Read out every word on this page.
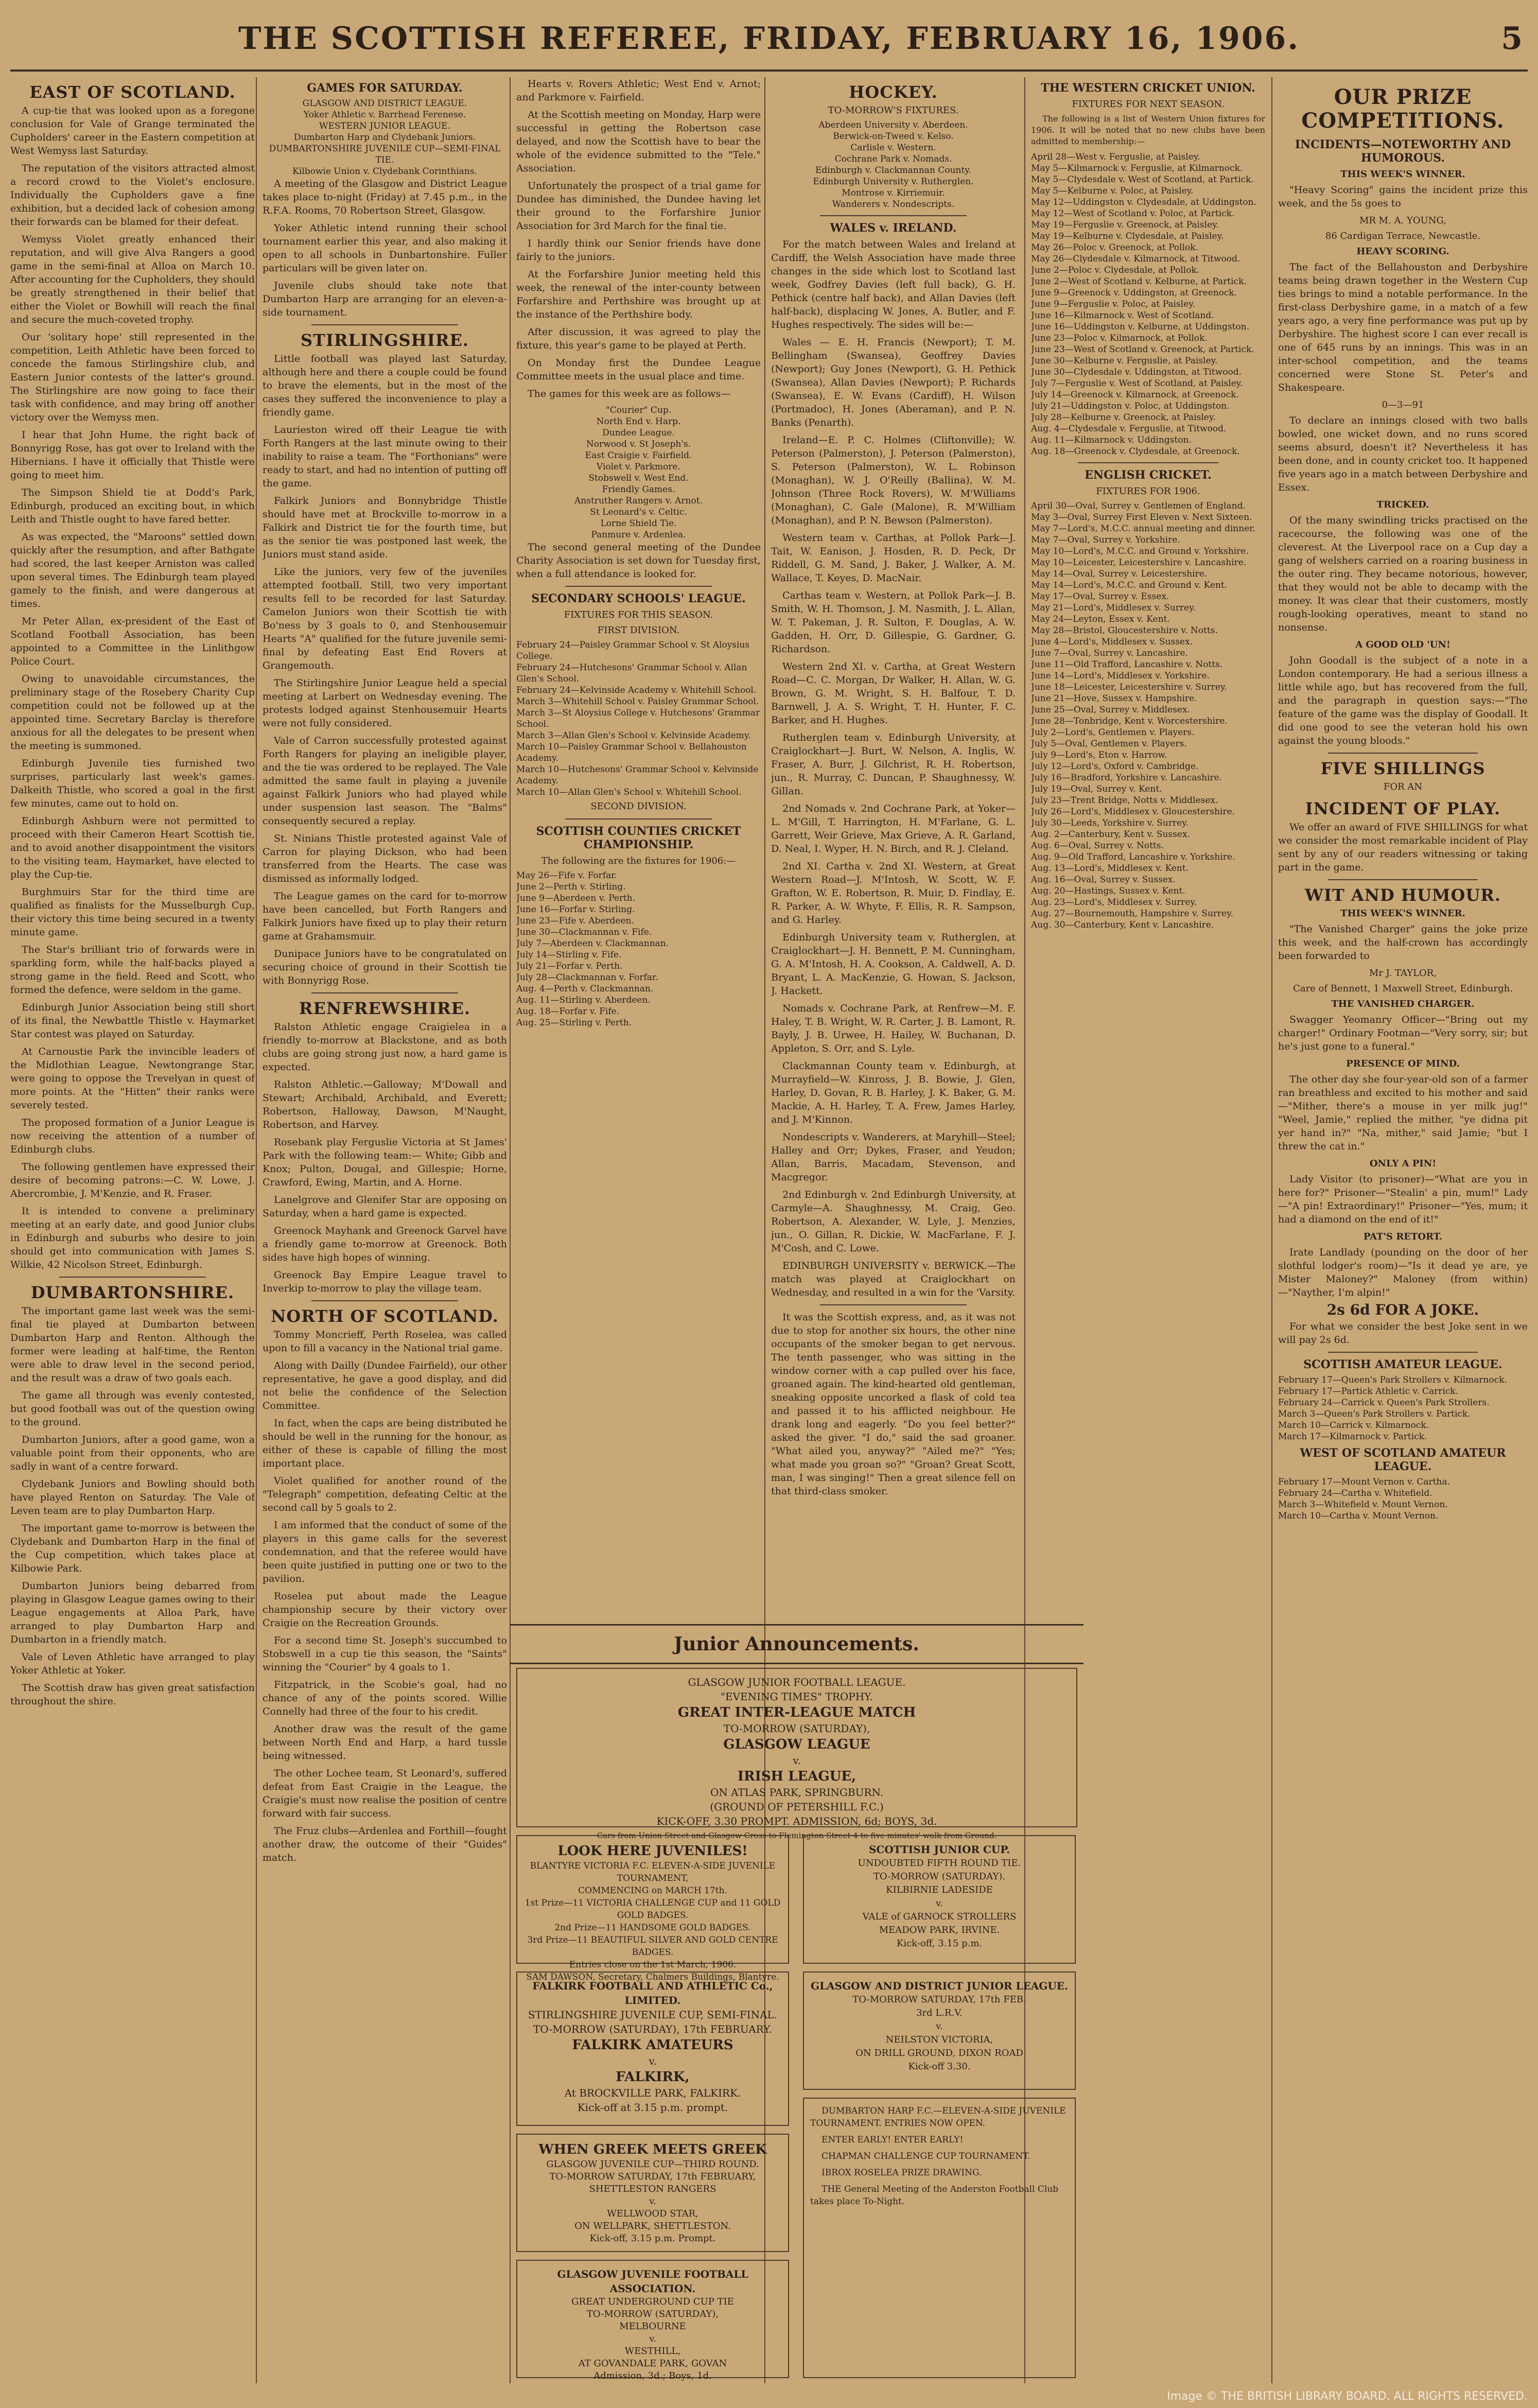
THE SCOTTISH REFEREE, FRIDAY, FEBRUARY 16, 1906.	5
EAST OF SCOTLAND.

A cup-tie that was looked upon as a foregone conclusion for Vale of Grange terminated the Cupholders' career in the Eastern competition at West Wemyss last Saturday.

The reputation of the visitors attracted almost a record crowd to the Violet's enclosure. Individually the Cupholders gave a fine exhibition, but a decided lack of cohesion among their forwards can be blamed for their defeat.

Wemyss Violet greatly enhanced their reputation, and will give Alva Rangers a good game in the semi-final at Alloa on March 10. After accounting for the Cupholders, they should be greatly strengthened in their belief that either the Violet or Bowhill will reach the final and secure the much-coveted trophy.

Our 'solitary hope' still represented in the competition, Leith Athletic have been forced to concede the famous Stirlingshire club, and Eastern Junior contests of the latter's ground. The Stirlingshire are now going to face their task with confidence, and may bring off another victory over the Wemyss men.

I hear that John Hume, the right back of Bonnyrigg Rose, has got over to Ireland with the Hibernians. I have it officially that Thistle were going to meet him.

The Simpson Shield tie at Dodd's Park, Edinburgh, produced an exciting bout, in which Leith and Thistle ought to have fared better.

As was expected, the "Maroons" settled down quickly after the resumption, and after Bathgate had scored, the last keeper Arniston was called upon several times. The Edinburgh team played gamely to the finish, and were dangerous at times.

Mr Peter Allan, ex-president of the East of Scotland Football Association, has been appointed to a Committee in the Linlithgow Police Court.

Owing to unavoidable circumstances, the preliminary stage of the Rosebery Charity Cup competition could not be followed up at the appointed time. Secretary Barclay is therefore anxious for all the delegates to be present when the meeting is summoned.

Edinburgh Juvenile ties furnished two surprises, particularly last week's games. Dalkeith Thistle, who scored a goal in the first few minutes, came out to hold on.

Edinburgh Ashburn were not permitted to proceed with their Cameron Heart Scottish tie, and to avoid another disappointment the visitors to the visiting team, Haymarket, have elected to play the Cup-tie.

Burghmuirs Star for the third time are qualified as finalists for the Musselburgh Cup, their victory this time being secured in a twenty minute game.

The Star's brilliant trio of forwards were in sparkling form, while the half-backs played a strong game in the field. Reed and Scott, who formed the defence, were seldom in the game.

Edinburgh Junior Association being still short of its final, the Newbattle Thistle v. Haymarket Star contest was played on Saturday.

At Carnoustie Park the invincible leaders of the Midlothian League, Newtongrange Star, were going to oppose the Trevelyan in quest of more points. At the "Hitten" their ranks were severely tested.

The proposed formation of a Junior League is now receiving the attention of a number of Edinburgh clubs.

The following gentlemen have expressed their desire of becoming patrons:—C. W. Lowe, J. Abercrombie, J. M'Kenzie, and R. Fraser.

It is intended to convene a preliminary meeting at an early date, and good Junior clubs in Edinburgh and suburbs who desire to join should get into communication with James S. Wilkie, 42 Nicolson Street, Edinburgh.

DUMBARTONSHIRE.

The important game last week was the semi-final tie played at Dumbarton between Dumbarton Harp and Renton. Although the former were leading at half-time, the Renton were able to draw level in the second period, and the result was a draw of two goals each.

The game all through was evenly contested, but good football was out of the question owing to the ground.

Dumbarton Juniors, after a good game, won a valuable point from their opponents, who are sadly in want of a centre forward.

Clydebank Juniors and Bowling should both have played Renton on Saturday. The Vale of Leven team are to play Dumbarton Harp.

The important game to-morrow is between the Clydebank and Dumbarton Harp in the final of the Cup competition, which takes place at Kilbowie Park.

Dumbarton Juniors being debarred from playing in Glasgow League games owing to their League engagements at Alloa Park, have arranged to play Dumbarton Harp and Dumbarton in a friendly match.

Vale of Leven Athletic have arranged to play Yoker Athletic at Yoker.

The Scottish draw has given great satisfaction throughout the shire.

GAMES FOR SATURDAY.
GLASGOW AND DISTRICT LEAGUE.
Yoker Athletic v. Barrhead Ferenese.
WESTERN JUNIOR LEAGUE.
Dumbarton Harp and Clydebank Juniors.
DUMBARTONSHIRE JUVENILE CUP—SEMI-FINAL TIE.
Kilbowie Union v. Clydebank Corinthians.

A meeting of the Glasgow and District League takes place to-night (Friday) at 7.45 p.m., in the R.F.A. Rooms, 70 Robertson Street, Glasgow.

Yoker Athletic intend running their school tournament earlier this year, and also making it open to all schools in Dunbartonshire. Fuller particulars will be given later on.

Juvenile clubs should take note that Dumbarton Harp are arranging for an eleven-a-side tournament.

STIRLINGSHIRE.

Little football was played last Saturday, although here and there a couple could be found to brave the elements, but in the most of the cases they suffered the inconvenience to play a friendly game.

Laurieston wired off their League tie with Forth Rangers at the last minute owing to their inability to raise a team. The "Forthonians" were ready to start, and had no intention of putting off the game.

Falkirk Juniors and Bonnybridge Thistle should have met at Brockville to-morrow in a Falkirk and District tie for the fourth time, but as the senior tie was postponed last week, the Juniors must stand aside.

Like the juniors, very few of the juveniles attempted football. Still, two very important results fell to be recorded for last Saturday. Camelon Juniors won their Scottish tie with Bo'ness by 3 goals to 0, and Stenhousemuir Hearts "A" qualified for the future juvenile semi-final by defeating East End Rovers at Grangemouth.

The Stirlingshire Junior League held a special meeting at Larbert on Wednesday evening. The protests lodged against Stenhousemuir Hearts were not fully considered.

Vale of Carron successfully protested against Forth Rangers for playing an ineligible player, and the tie was ordered to be replayed. The Vale admitted the same fault in playing a juvenile against Falkirk Juniors who had played while under suspension last season. The "Balms" consequently secured a replay.

St. Ninians Thistle protested against Vale of Carron for playing Dickson, who had been transferred from the Hearts. The case was dismissed as informally lodged.

The League games on the card for to-morrow have been cancelled, but Forth Rangers and Falkirk Juniors have fixed up to play their return game at Grahamsmuir.

Dunipace Juniors have to be congratulated on securing choice of ground in their Scottish tie with Bonnyrigg Rose.

RENFREWSHIRE.

Ralston Athletic engage Craigielea in a friendly to-morrow at Blackstone, and as both clubs are going strong just now, a hard game is expected.

Ralston Athletic.—Galloway; M'Dowall and Stewart; Archibald, Archibald, and Everett; Robertson, Halloway, Dawson, M'Naught, Robertson, and Harvey.

Rosebank play Ferguslie Victoria at St James' Park with the following team:— White; Gibb and Knox; Pulton, Dougal, and Gillespie; Horne, Crawford, Ewing, Martin, and A. Horne.

Lanelgrove and Glenifer Star are opposing on Saturday, when a hard game is expected.

Greenock Mayhank and Greenock Garvel have a friendly game to-morrow at Greenock. Both sides have high hopes of winning.

Greenock Bay Empire League travel to Inverkip to-morrow to play the village team.

NORTH OF SCOTLAND.

Tommy Moncrieff, Perth Roselea, was called upon to fill a vacancy in the National trial game.

Along with Dailly (Dundee Fairfield), our other representative, he gave a good display, and did not belie the confidence of the Selection Committee.

In fact, when the caps are being distributed he should be well in the running for the honour, as either of these is capable of filling the most important place.

Violet qualified for another round of the "Telegraph" competition, defeating Celtic at the second call by 5 goals to 2.

I am informed that the conduct of some of the players in this game calls for the severest condemnation, and that the referee would have been quite justified in putting one or two to the pavilion.

Roselea put about made the League championship secure by their victory over Craigie on the Recreation Grounds.

For a second time St. Joseph's succumbed to Stobswell in a cup tie this season, the "Saints" winning the "Courier" by 4 goals to 1.

Fitzpatrick, in the Scobie's goal, had no chance of any of the points scored. Willie Connelly had three of the four to his credit.

Another draw was the result of the game between North End and Harp, a hard tussle being witnessed.

The other Lochee team, St Leonard's, suffered defeat from East Craigie in the League, the Craigie's must now realise the position of centre forward with fair success.

The Fruz clubs—Ardenlea and Forthill—fought another draw, the outcome of their "Guides" match.

Hearts v. Rovers Athletic; West End v. Arnot; and Parkmore v. Fairfield.

At the Scottish meeting on Monday, Harp were successful in getting the Robertson case delayed, and now the Scottish have to bear the whole of the evidence submitted to the "Tele." Association.

Unfortunately the prospect of a trial game for Dundee has diminished, the Dundee having let their ground to the Forfarshire Junior Association for 3rd March for the final tie.

I hardly think our Senior friends have done fairly to the juniors.

At the Forfarshire Junior meeting held this week, the renewal of the inter-county between Forfarshire and Perthshire was brought up at the instance of the Perthshire body.

After discussion, it was agreed to play the fixture, this year's game to be played at Perth.

On Monday first the Dundee League Committee meets in the usual place and time.

The games for this week are as follows—

"Courier" Cup.
North End v. Harp.
Dundee League.
Norwood v. St Joseph's.
East Craigie v. Fairfield.
Violet v. Parkmore.
Stobswell v. West End.
Friendly Games.
Anstruther Rangers v. Arnot.
St Leonard's v. Celtic.
Lorne Shield Tie.
Panmure v. Ardenlea.

The second general meeting of the Dundee Charity Association is set down for Tuesday first, when a full attendance is looked for.

SECONDARY SCHOOLS' LEAGUE.
FIXTURES FOR THIS SEASON.
FIRST DIVISION.
February 24—Paisley Grammar School v. St Aloysius College.
February 24—Hutchesons' Grammar School v. Allan Glen's School.
February 24—Kelvinside Academy v. Whitehill School.
March 3—Whitehill School v. Paisley Grammar School.
March 3—St Aloysius College v. Hutchesons' Grammar School.
March 3—Allan Glen's School v. Kelvinside Academy.
March 10—Paisley Grammar School v. Bellahouston Academy.
March 10—Hutchesons' Grammar School v. Kelvinside Academy.
March 10—Allan Glen's School v. Whitehill School.
SECOND DIVISION.
SCOTTISH COUNTIES CRICKET CHAMPIONSHIP.
The following are the fixtures for 1906:—
May 26—Fife v. Forfar.
June 2—Perth v. Stirling.
June 9—Aberdeen v. Perth.
June 16—Forfar v. Stirling.
June 23—Fife v. Aberdeen.
June 30—Clackmannan v. Fife.
July 7—Aberdeen v. Clackmannan.
July 14—Stirling v. Fife.
July 21—Forfar v. Perth.
July 28—Clackmannan v. Forfar.
Aug. 4—Perth v. Clackmannan.
Aug. 11—Stirling v. Aberdeen.
Aug. 18—Forfar v. Fife.
Aug. 25—Stirling v. Perth.
HOCKEY.
TO-MORROW'S FIXTURES.
Aberdeen University v. Aberdeen.
Berwick-on-Tweed v. Kelso.
Carlisle v. Western.
Cochrane Park v. Nomads.
Edinburgh v. Clackmannan County.
Edinburgh University v. Rutherglen.
Montrose v. Kirriemuir.
Wanderers v. Nondescripts.
WALES v. IRELAND.

For the match between Wales and Ireland at Cardiff, the Welsh Association have made three changes in the side which lost to Scotland last week, Godfrey Davies (left full back), G. H. Pethick (centre half back), and Allan Davies (left half-back), displacing W. Jones, A. Butler, and F. Hughes respectively. The sides will be:—

Wales — E. H. Francis (Newport); T. M. Bellingham (Swansea), Geoffrey Davies (Newport); Guy Jones (Newport), G. H. Pethick (Swansea), Allan Davies (Newport); P. Richards (Swansea), E. W. Evans (Cardiff), H. Wilson (Portmadoc), H. Jones (Aberaman), and P. N. Banks (Penarth).

Ireland—E. P. C. Holmes (Cliftonville); W. Peterson (Palmerston), J. Peterson (Palmerston), S. Peterson (Palmerston), W. L. Robinson (Monaghan), W. J. O'Reilly (Ballina), W. M. Johnson (Three Rock Rovers), W. M'Williams (Monaghan), C. Gale (Malone), R. M'William (Monaghan), and P. N. Bewson (Palmerston).

Western team v. Carthas, at Pollok Park—J. Tait, W. Eanison, J. Hosden, R. D. Peck, Dr Riddell, G. M. Sand, J. Baker, J. Walker, A. M. Wallace, T. Keyes, D. MacNair.

Carthas team v. Western, at Pollok Park—J. B. Smith, W. H. Thomson, J. M. Nasmith, J. L. Allan, W. T. Pakeman, J. R. Sulton, F. Douglas, A. W. Gadden, H. Orr, D. Gillespie, G. Gardner, G. Richardson.

Western 2nd XI. v. Cartha, at Great Western Road—C. C. Morgan, Dr Walker, H. Allan, W. G. Brown, G. M. Wright, S. H. Balfour, T. D. Barnwell, J. A. S. Wright, T. H. Hunter, F. C. Barker, and H. Hughes.

Rutherglen team v. Edinburgh University, at Craiglockhart—J. Burt, W. Nelson, A. Inglis, W. Fraser, A. Burr, J. Gilchrist, R. H. Robertson, jun., R. Murray, C. Duncan, P. Shaughnessy, W. Gillan.

2nd Nomads v. 2nd Cochrane Park, at Yoker—L. M'Gill, T. Harrington, H. M'Farlane, G. L. Garrett, Weir Grieve, Max Grieve, A. R. Garland, D. Neal, I. Wyper, H. N. Birch, and R. J. Cleland.

2nd XI. Cartha v. 2nd XI. Western, at Great Western Road—J. M'Intosh, W. Scott, W. F. Grafton, W. E. Robertson, R. Muir, D. Findlay, E. R. Parker, A. W. Whyte, F. Ellis, R. R. Sampson, and G. Harley.

Edinburgh University team v. Rutherglen, at Craiglockhart—J. H. Bennett, P. M. Cunningham, G. A. M'Intosh, H. A. Cookson, A. Caldwell, A. D. Bryant, L. A. MacKenzie, G. Howan, S. Jackson, J. Hackett.

Nomads v. Cochrane Park, at Renfrew—M. F. Haley, T. B. Wright, W. R. Carter, J. B. Lamont, R. Bayly, J. B. Urwee, H. Hailey, W. Buchanan, D. Appleton, S. Orr, and S. Lyle.

Clackmannan County team v. Edinburgh, at Murrayfield—W. Kinross, J. B. Bowie, J. Glen, Harley, D. Govan, R. B. Harley, J. K. Baker, G. M. Mackie, A. H. Harley, T. A. Frew, James Harley, and J. M'Kinnon.

Nondescripts v. Wanderers, at Maryhill—Steel; Halley and Orr; Dykes, Fraser, and Yeudon; Allan, Barris, Macadam, Stevenson, and Macgregor.

2nd Edinburgh v. 2nd Edinburgh University, at Carmyle—A. Shaughnessy, M. Craig, Geo. Robertson, A. Alexander, W. Lyle, J. Menzies, jun., O. Gillan, R. Dickie, W. MacFarlane, F. J. M'Cosh, and C. Lowe.

EDINBURGH UNIVERSITY v. BERWICK.—The match was played at Craiglockhart on Wednesday, and resulted in a win for the 'Varsity.

It was the Scottish express, and, as it was not due to stop for another six hours, the other nine occupants of the smoker began to get nervous. The tenth passenger, who was sitting in the window corner with a cap pulled over his face, groaned again. The kind-hearted old gentleman, sneaking opposite uncorked a flask of cold tea and passed it to his afflicted neighbour. He drank long and eagerly. "Do you feel better?" asked the giver. "I do," said the sad groaner. "What ailed you, anyway?" "Ailed me?" "Yes; what made you groan so?" "Groan? Great Scott, man, I was singing!" Then a great silence fell on that third-class smoker.

Junior Announcements.
GLASGOW JUNIOR FOOTBALL LEAGUE.
"EVENING TIMES" TROPHY.
GREAT INTER-LEAGUE MATCH
TO-MORROW (SATURDAY),
GLASGOW LEAGUE
v.
IRISH LEAGUE,
ON ATLAS PARK, SPRINGBURN.
(GROUND OF PETERSHILL F.C.)
KICK-OFF, 3.30 PROMPT. ADMISSION, 6d; BOYS, 3d.
Cars from Union Street and Glasgow Cross to Flemington Street 4 to five minutes' walk from Ground.
LOOK HERE JUVENILES!
BLANTYRE VICTORIA F.C. ELEVEN-A-SIDE JUVENILE TOURNAMENT,
COMMENCING on MARCH 17th.
1st Prize—11 VICTORIA CHALLENGE CUP and 11 GOLD GOLD BADGES.
2nd Prize—11 HANDSOME GOLD BADGES.
3rd Prize—11 BEAUTIFUL SILVER AND GOLD CENTRE BADGES.
Entries close on the 1st March, 1906.
SAM DAWSON, Secretary, Chalmers Buildings, Blantyre.
FALKIRK FOOTBALL AND ATHLETIC Co., LIMITED.
STIRLINGSHIRE JUVENILE CUP, SEMI-FINAL.
TO-MORROW (SATURDAY), 17th FEBRUARY.
FALKIRK AMATEURS
v.
FALKIRK,
At BROCKVILLE PARK, FALKIRK.
Kick-off at 3.15 p.m. prompt.
WHEN GREEK MEETS GREEK
GLASGOW JUVENILE CUP—THIRD ROUND.
TO-MORROW SATURDAY, 17th FEBRUARY,
SHETTLESTON RANGERS
v.
WELLWOOD STAR,
ON WELLPARK, SHETTLESTON.
Kick-off, 3.15 p.m. Prompt.
GLASGOW JUVENILE FOOTBALL ASSOCIATION.
GREAT UNDERGROUND CUP TIE
TO-MORROW (SATURDAY),
MELBOURNE
v.
WESTHILL,
AT GOVANDALE PARK, GOVAN
Admission, 3d.; Boys, 1d.
SCOTTISH JUNIOR CUP.
UNDOUBTED FIFTH ROUND TIE.
TO-MORROW (SATURDAY).
KILBIRNIE LADESIDE
v.
VALE of GARNOCK STROLLERS
MEADOW PARK, IRVINE.
Kick-off, 3.15 p.m.
GLASGOW AND DISTRICT JUNIOR LEAGUE.
TO-MORROW SATURDAY, 17th FEB.
3rd L.R.V.
v.
NEILSTON VICTORIA,
ON DRILL GROUND, DIXON ROAD
Kick-off 3.30.

DUMBARTON HARP F.C.—ELEVEN-A-SIDE JUVENILE TOURNAMENT. ENTRIES NOW OPEN.

ENTER EARLY! ENTER EARLY!

CHAPMAN CHALLENGE CUP TOURNAMENT.

IBROX ROSELEA PRIZE DRAWING.

THE General Meeting of the Anderston Football Club takes place To-Night.

THE WESTERN CRICKET UNION.
FIXTURES FOR NEXT SEASON.

The following is a list of Western Union fixtures for 1906. It will be noted that no new clubs have been admitted to membership:—

April 28—West v. Ferguslie, at Paisley.
May 5—Kilmarnock v. Ferguslie, at Kilmarnock.
May 5—Clydesdale v. West of Scotland, at Partick.
May 5—Kelburne v. Poloc, at Paisley.
May 12—Uddingston v. Clydesdale, at Uddingston.
May 12—West of Scotland v. Poloc, at Partick.
May 19—Ferguslie v. Greenock, at Paisley.
May 19—Kelburne v. Clydesdale, at Paisley.
May 26—Poloc v. Greenock, at Pollok.
May 26—Clydesdale v. Kilmarnock, at Titwood.
June 2—Poloc v. Clydesdale, at Pollok.
June 2—West of Scotland v. Kelburne, at Partick.
June 9—Greenock v. Uddingston, at Greenock.
June 9—Ferguslie v. Poloc, at Paisley.
June 16—Kilmarnock v. West of Scotland.
June 16—Uddingston v. Kelburne, at Uddingston.
June 23—Poloc v. Kilmarnock, at Pollok.
June 23—West of Scotland v. Greenock, at Partick.
June 30—Kelburne v. Ferguslie, at Paisley.
June 30—Clydesdale v. Uddingston, at Titwood.
July 7—Ferguslie v. West of Scotland, at Paisley.
July 14—Greenock v. Kilmarnock, at Greenock.
July 21—Uddingston v. Poloc, at Uddingston.
July 28—Kelburne v. Greenock, at Paisley.
Aug. 4—Clydesdale v. Ferguslie, at Titwood.
Aug. 11—Kilmarnock v. Uddingston.
Aug. 18—Greenock v. Clydesdale, at Greenock.
ENGLISH CRICKET.
FIXTURES FOR 1906.
April 30—Oval, Surrey v. Gentlemen of England.
May 3—Oval, Surrey First Eleven v. Next Sixteen.
May 7—Lord's, M.C.C. annual meeting and dinner.
May 7—Oval, Surrey v. Yorkshire.
May 10—Lord's, M.C.C. and Ground v. Yorkshire.
May 10—Leicester, Leicestershire v. Lancashire.
May 14—Oval, Surrey v. Leicestershire.
May 14—Lord's, M.C.C. and Ground v. Kent.
May 17—Oval, Surrey v. Essex.
May 21—Lord's, Middlesex v. Surrey.
May 24—Leyton, Essex v. Kent.
May 28—Bristol, Gloucestershire v. Notts.
June 4—Lord's, Middlesex v. Sussex.
June 7—Oval, Surrey v. Lancashire.
June 11—Old Trafford, Lancashire v. Notts.
June 14—Lord's, Middlesex v. Yorkshire.
June 18—Leicester, Leicestershire v. Surrey.
June 21—Hove, Sussex v. Hampshire.
June 25—Oval, Surrey v. Middlesex.
June 28—Tonbridge, Kent v. Worcestershire.
July 2—Lord's, Gentlemen v. Players.
July 5—Oval, Gentlemen v. Players.
July 9—Lord's, Eton v. Harrow.
July 12—Lord's, Oxford v. Cambridge.
July 16—Bradford, Yorkshire v. Lancashire.
July 19—Oval, Surrey v. Kent.
July 23—Trent Bridge, Notts v. Middlesex.
July 26—Lord's, Middlesex v. Gloucestershire.
July 30—Leeds, Yorkshire v. Surrey.
Aug. 2—Canterbury, Kent v. Sussex.
Aug. 6—Oval, Surrey v. Notts.
Aug. 9—Old Trafford, Lancashire v. Yorkshire.
Aug. 13—Lord's, Middlesex v. Kent.
Aug. 16—Oval, Surrey v. Sussex.
Aug. 20—Hastings, Sussex v. Kent.
Aug. 23—Lord's, Middlesex v. Surrey.
Aug. 27—Bournemouth, Hampshire v. Surrey.
Aug. 30—Canterbury, Kent v. Lancashire.
OUR PRIZE COMPETITIONS.
INCIDENTS—NOTEWORTHY AND HUMOROUS.
THIS WEEK'S WINNER.

"Heavy Scoring" gains the incident prize this week, and the 5s goes to

MR M. A. YOUNG,
86 Cardigan Terrace, Newcastle.
HEAVY SCORING.

The fact of the Bellahouston and Derbyshire teams being drawn together in the Western Cup ties brings to mind a notable performance. In the first-class Derbyshire game, in a match of a few years ago, a very fine performance was put up by Derbyshire. The highest score I can ever recall is one of 645 runs by an innings. This was in an inter-school competition, and the teams concerned were Stone St. Peter's and Shakespeare.

0—3—91

To declare an innings closed with two balls bowled, one wicket down, and no runs scored seems absurd, doesn't it? Nevertheless it has been done, and in county cricket too. It happened five years ago in a match between Derbyshire and Essex.

TRICKED.

Of the many swindling tricks practised on the racecourse, the following was one of the cleverest. At the Liverpool race on a Cup day a gang of welshers carried on a roaring business in the outer ring. They became notorious, however, that they would not be able to decamp with the money. It was clear that their customers, mostly rough-looking operatives, meant to stand no nonsense.

A GOOD OLD 'UN!

John Goodall is the subject of a note in a London contemporary. He had a serious illness a little while ago, but has recovered from the full, and the paragraph in question says:—"The feature of the game was the display of Goodall. It did one good to see the veteran hold his own against the young bloods."

FIVE SHILLINGS
FOR AN
INCIDENT OF PLAY.

We offer an award of FIVE SHILLINGS for what we consider the most remarkable incident of Play sent by any of our readers witnessing or taking part in the game.

WIT AND HUMOUR.
THIS WEEK'S WINNER.

"The Vanished Charger" gains the joke prize this week, and the half-crown has accordingly been forwarded to

Mr J. TAYLOR,
Care of Bennett, 1 Maxwell Street, Edinburgh.
THE VANISHED CHARGER.

Swagger Yeomanry Officer—"Bring out my charger!" Ordinary Footman—"Very sorry, sir; but he's just gone to a funeral."

PRESENCE OF MIND.

The other day she four-year-old son of a farmer ran breathless and excited to his mother and said—"Mither, there's a mouse in yer milk jug!" "Weel, Jamie," replied the mither, "ye didna pit yer hand in?" "Na, mither," said Jamie; "but I threw the cat in."

ONLY A PIN!

Lady Visitor (to prisoner)—"What are you in here for?" Prisoner—"Stealin' a pin, mum!" Lady—"A pin! Extraordinary!" Prisoner—"Yes, mum; it had a diamond on the end of it!"

PAT'S RETORT.

Irate Landlady (pounding on the door of her slothful lodger's room)—"Is it dead ye are, ye Mister Maloney?" Maloney (from within)—"Nayther, I'm alpin!"

2s 6d FOR A JOKE.

For what we consider the best Joke sent in we will pay 2s 6d.

SCOTTISH AMATEUR LEAGUE.
February 17—Queen's Park Strollers v. Kilmarnock.
February 17—Partick Athletic v. Carrick.
February 24—Carrick v. Queen's Park Strollers.
March 3—Queen's Park Strollers v. Partick.
March 10—Carrick v. Kilmarnock.
March 17—Kilmarnock v. Partick.
WEST OF SCOTLAND AMATEUR LEAGUE.
February 17—Mount Vernon v. Cartha.
February 24—Cartha v. Whitefield.
March 3—Whitefield v. Mount Vernon.
March 10—Cartha v. Mount Vernon.
Image © THE BRITISH LIBRARY BOARD. ALL RIGHTS RESERVED.
